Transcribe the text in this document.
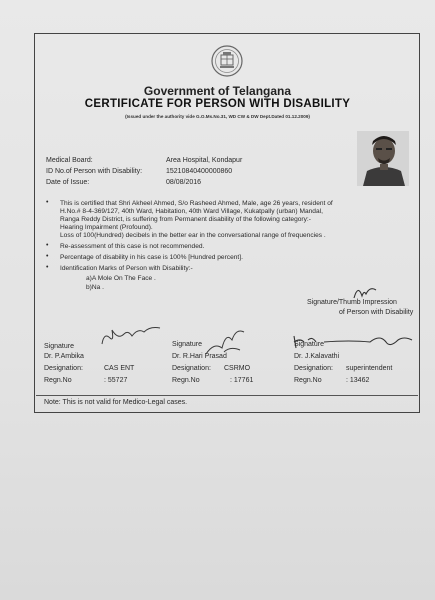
Government of Telangana
CERTIFICATE FOR PERSON WITH DISABILITY
(Issued under the authority vide G.O.Ms.No.31, WD CW & DW Dept.Dated 01.12.2009)
Medical Board:	Area Hospital, Kondapur
ID No.of Person with Disability:	15210840400000860
Date of Issue:	08/08/2016
• This is certified that Shri Akheel Ahmed, S/o Rasheed Ahmed, Male, age 26 years, resident of
H.No.# 8-4-369/127, 40th Ward, Habitation, 40th Ward Village, Kukatpally (urban) Mandal,
Ranga Reddy District, is suffering from Permanent disability of the following category:-
Hearing Impairment (Profound).
Loss of 100(Hundred) decibels in the better ear in the conversational range of frequencies .
• Re-assessment of this case is not recommended.
• Percentage of disability in his case is 100% [Hundred percent].
• Identification Marks of Person with Disability:-
a)A Mole On The Face .
b)Na .
Signature/Thumb Impression
of Person with Disability
Signature
Dr. P.Ambika
Designation:	CAS ENT
Regn.No	: 55727
Signature
Dr. R.Hari Prasad
Designation: CSRMO
Regn.No	: 17761
Signature
Dr. J.Kalavathi
Designation: superintendent
Regn.No	: 13462
Note: This is not valid for Medico-Legal cases.
